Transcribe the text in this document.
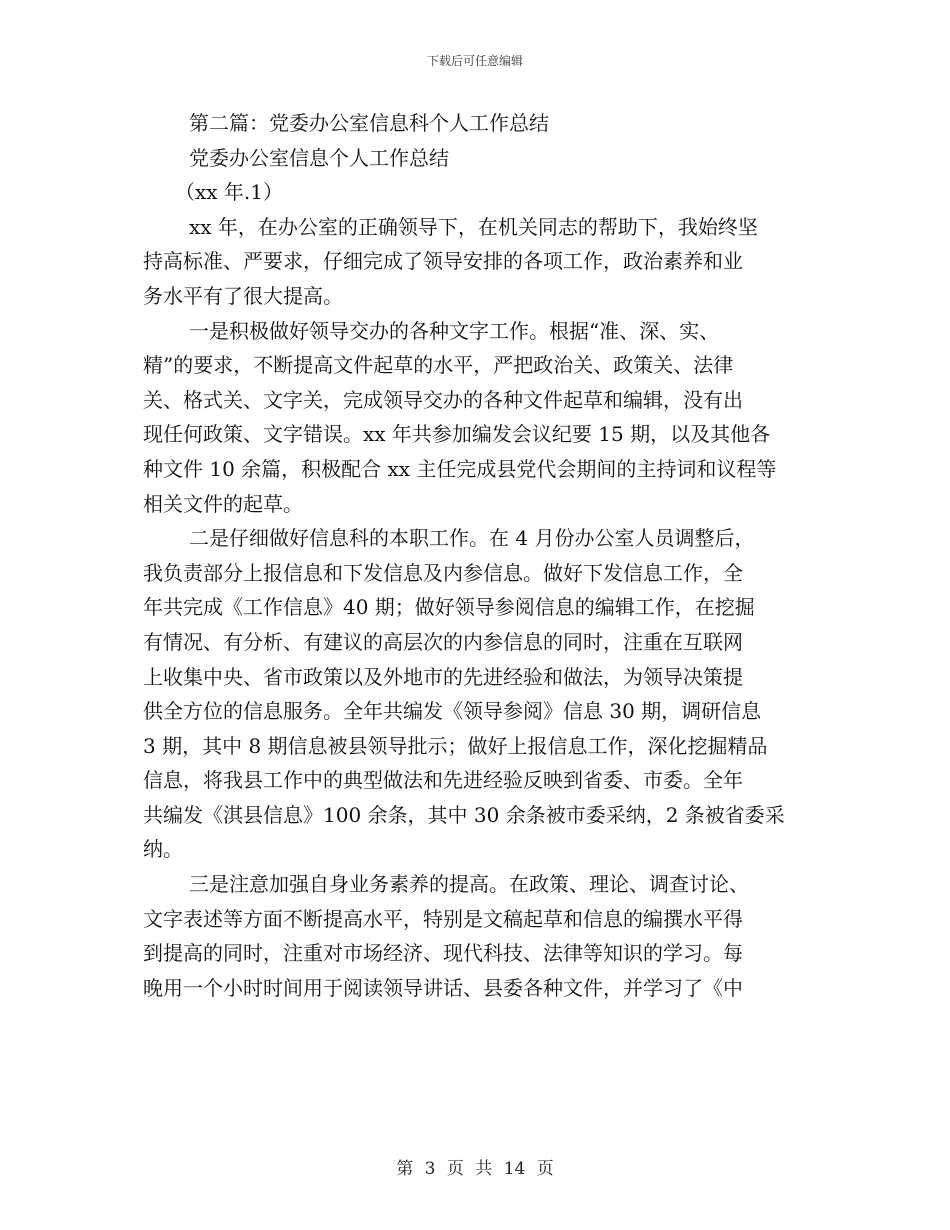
下载后可任意编辑

第二篇：党委办公室信息科个人工作总结

党委办公室信息个人工作总结

（xx 年.1）

xx 年，在办公室的正确领导下，在机关同志的帮助下，我始终坚

持高标准、严要求，仔细完成了领导安排的各项工作，政治素养和业

务水平有了很大提高。

一是积极做好领导交办的各种文字工作。根据“准、深、实、

精”的要求，不断提高文件起草的水平，严把政治关、政策关、法律

关、格式关、文字关，完成领导交办的各种文件起草和编辑，没有出

现任何政策、文字错误。xx 年共参加编发会议纪要 15 期，以及其他各

种文件 10 余篇，积极配合 xx 主任完成县党代会期间的主持词和议程等

相关文件的起草。

二是仔细做好信息科的本职工作。在 4 月份办公室人员调整后，

我负责部分上报信息和下发信息及内参信息。做好下发信息工作，全

年共完成《工作信息》40 期；做好领导参阅信息的编辑工作，在挖掘

有情况、有分析、有建议的高层次的内参信息的同时，注重在互联网

上收集中央、省市政策以及外地市的先进经验和做法，为领导决策提

供全方位的信息服务。全年共编发《领导参阅》信息 30 期，调研信息

3 期，其中 8 期信息被县领导批示；做好上报信息工作，深化挖掘精品

信息，将我县工作中的典型做法和先进经验反映到省委、市委。全年

共编发《淇县信息》100 余条，其中 30 余条被市委采纳，2 条被省委采

纳。

三是注意加强自身业务素养的提高。在政策、理论、调查讨论、

文字表述等方面不断提高水平，特别是文稿起草和信息的编撰水平得

到提高的同时，注重对市场经济、现代科技、法律等知识的学习。每

晚用一个小时时间用于阅读领导讲话、县委各种文件，并学习了《中

第 3 页 共 14 页
